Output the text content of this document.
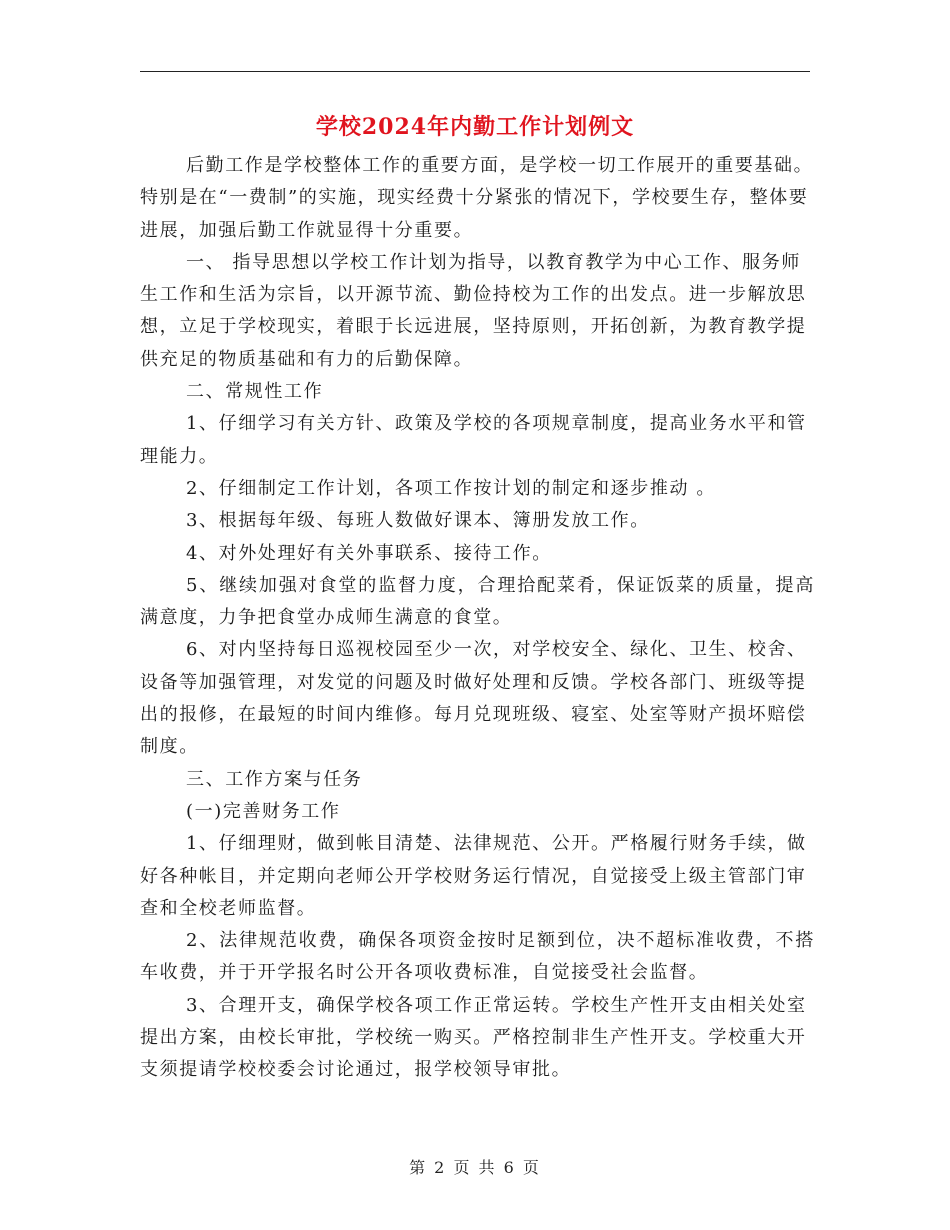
学校2024年内勤工作计划例文

后勤工作是学校整体工作的重要方面，是学校一切工作展开的重要基础。特别是在“一费制”的实施，现实经费十分紧张的情况下，学校要生存，整体要进展，加强后勤工作就显得十分重要。

一、 指导思想以学校工作计划为指导，以教育教学为中心工作、服务师生工作和生活为宗旨，以开源节流、勤俭持校为工作的出发点。进一步解放思想，立足于学校现实，着眼于长远进展，坚持原则，开拓创新，为教育教学提供充足的物质基础和有力的后勤保障。

二、常规性工作

1、仔细学习有关方针、政策及学校的各项规章制度，提高业务水平和管理能力。

2、仔细制定工作计划，各项工作按计划的制定和逐步推动 。

3、根据每年级、每班人数做好课本、簿册发放工作。

4、对外处理好有关外事联系、接待工作。

5、继续加强对食堂的监督力度，合理拾配菜肴，保证饭菜的质量，提高满意度，力争把食堂办成师生满意的食堂。

6、对内坚持每日巡视校园至少一次，对学校安全、绿化、卫生、校舍、设备等加强管理，对发觉的问题及时做好处理和反馈。学校各部门、班级等提出的报修，在最短的时间内维修。每月兑现班级、寝室、处室等财产损坏赔偿制度。

三、工作方案与任务

(一)完善财务工作

1、仔细理财，做到帐目清楚、法律规范、公开。严格履行财务手续，做好各种帐目，并定期向老师公开学校财务运行情况，自觉接受上级主管部门审查和全校老师监督。

2、法律规范收费，确保各项资金按时足额到位，决不超标准收费，不搭车收费，并于开学报名时公开各项收费标准，自觉接受社会监督。

3、合理开支，确保学校各项工作正常运转。学校生产性开支由相关处室提出方案，由校长审批，学校统一购买。严格控制非生产性开支。学校重大开支须提请学校校委会讨论通过，报学校领导审批。

第 2 页 共 6 页
